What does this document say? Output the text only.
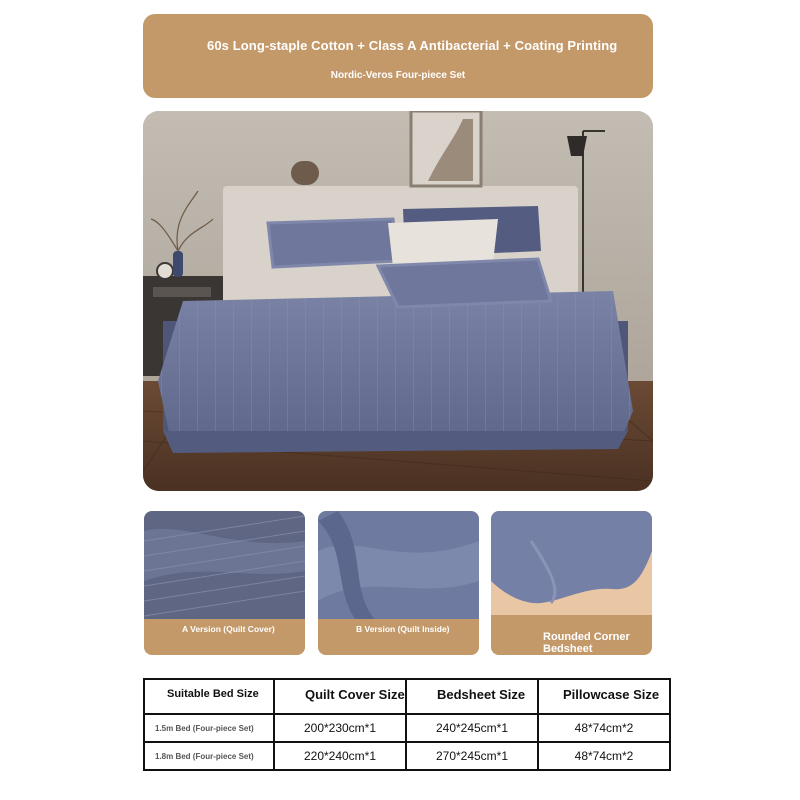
60s Long-staple Cotton + Class A Antibacterial + Coating Printing
Nordic-Veros Four-piece Set
A Version (Quilt Cover)	B Version (Quilt Inside)
Rounded Corner Bedsheet
Suitable Bed Size	Quilt Cover Size	Bedsheet Size	Pillowcase Size
1.5m Bed (Four-piece Set)	200*230cm*1	240*245cm*1	48*74cm*2
1.8m Bed (Four-piece Set)	220*240cm*1	270*245cm*1	48*74cm*2
